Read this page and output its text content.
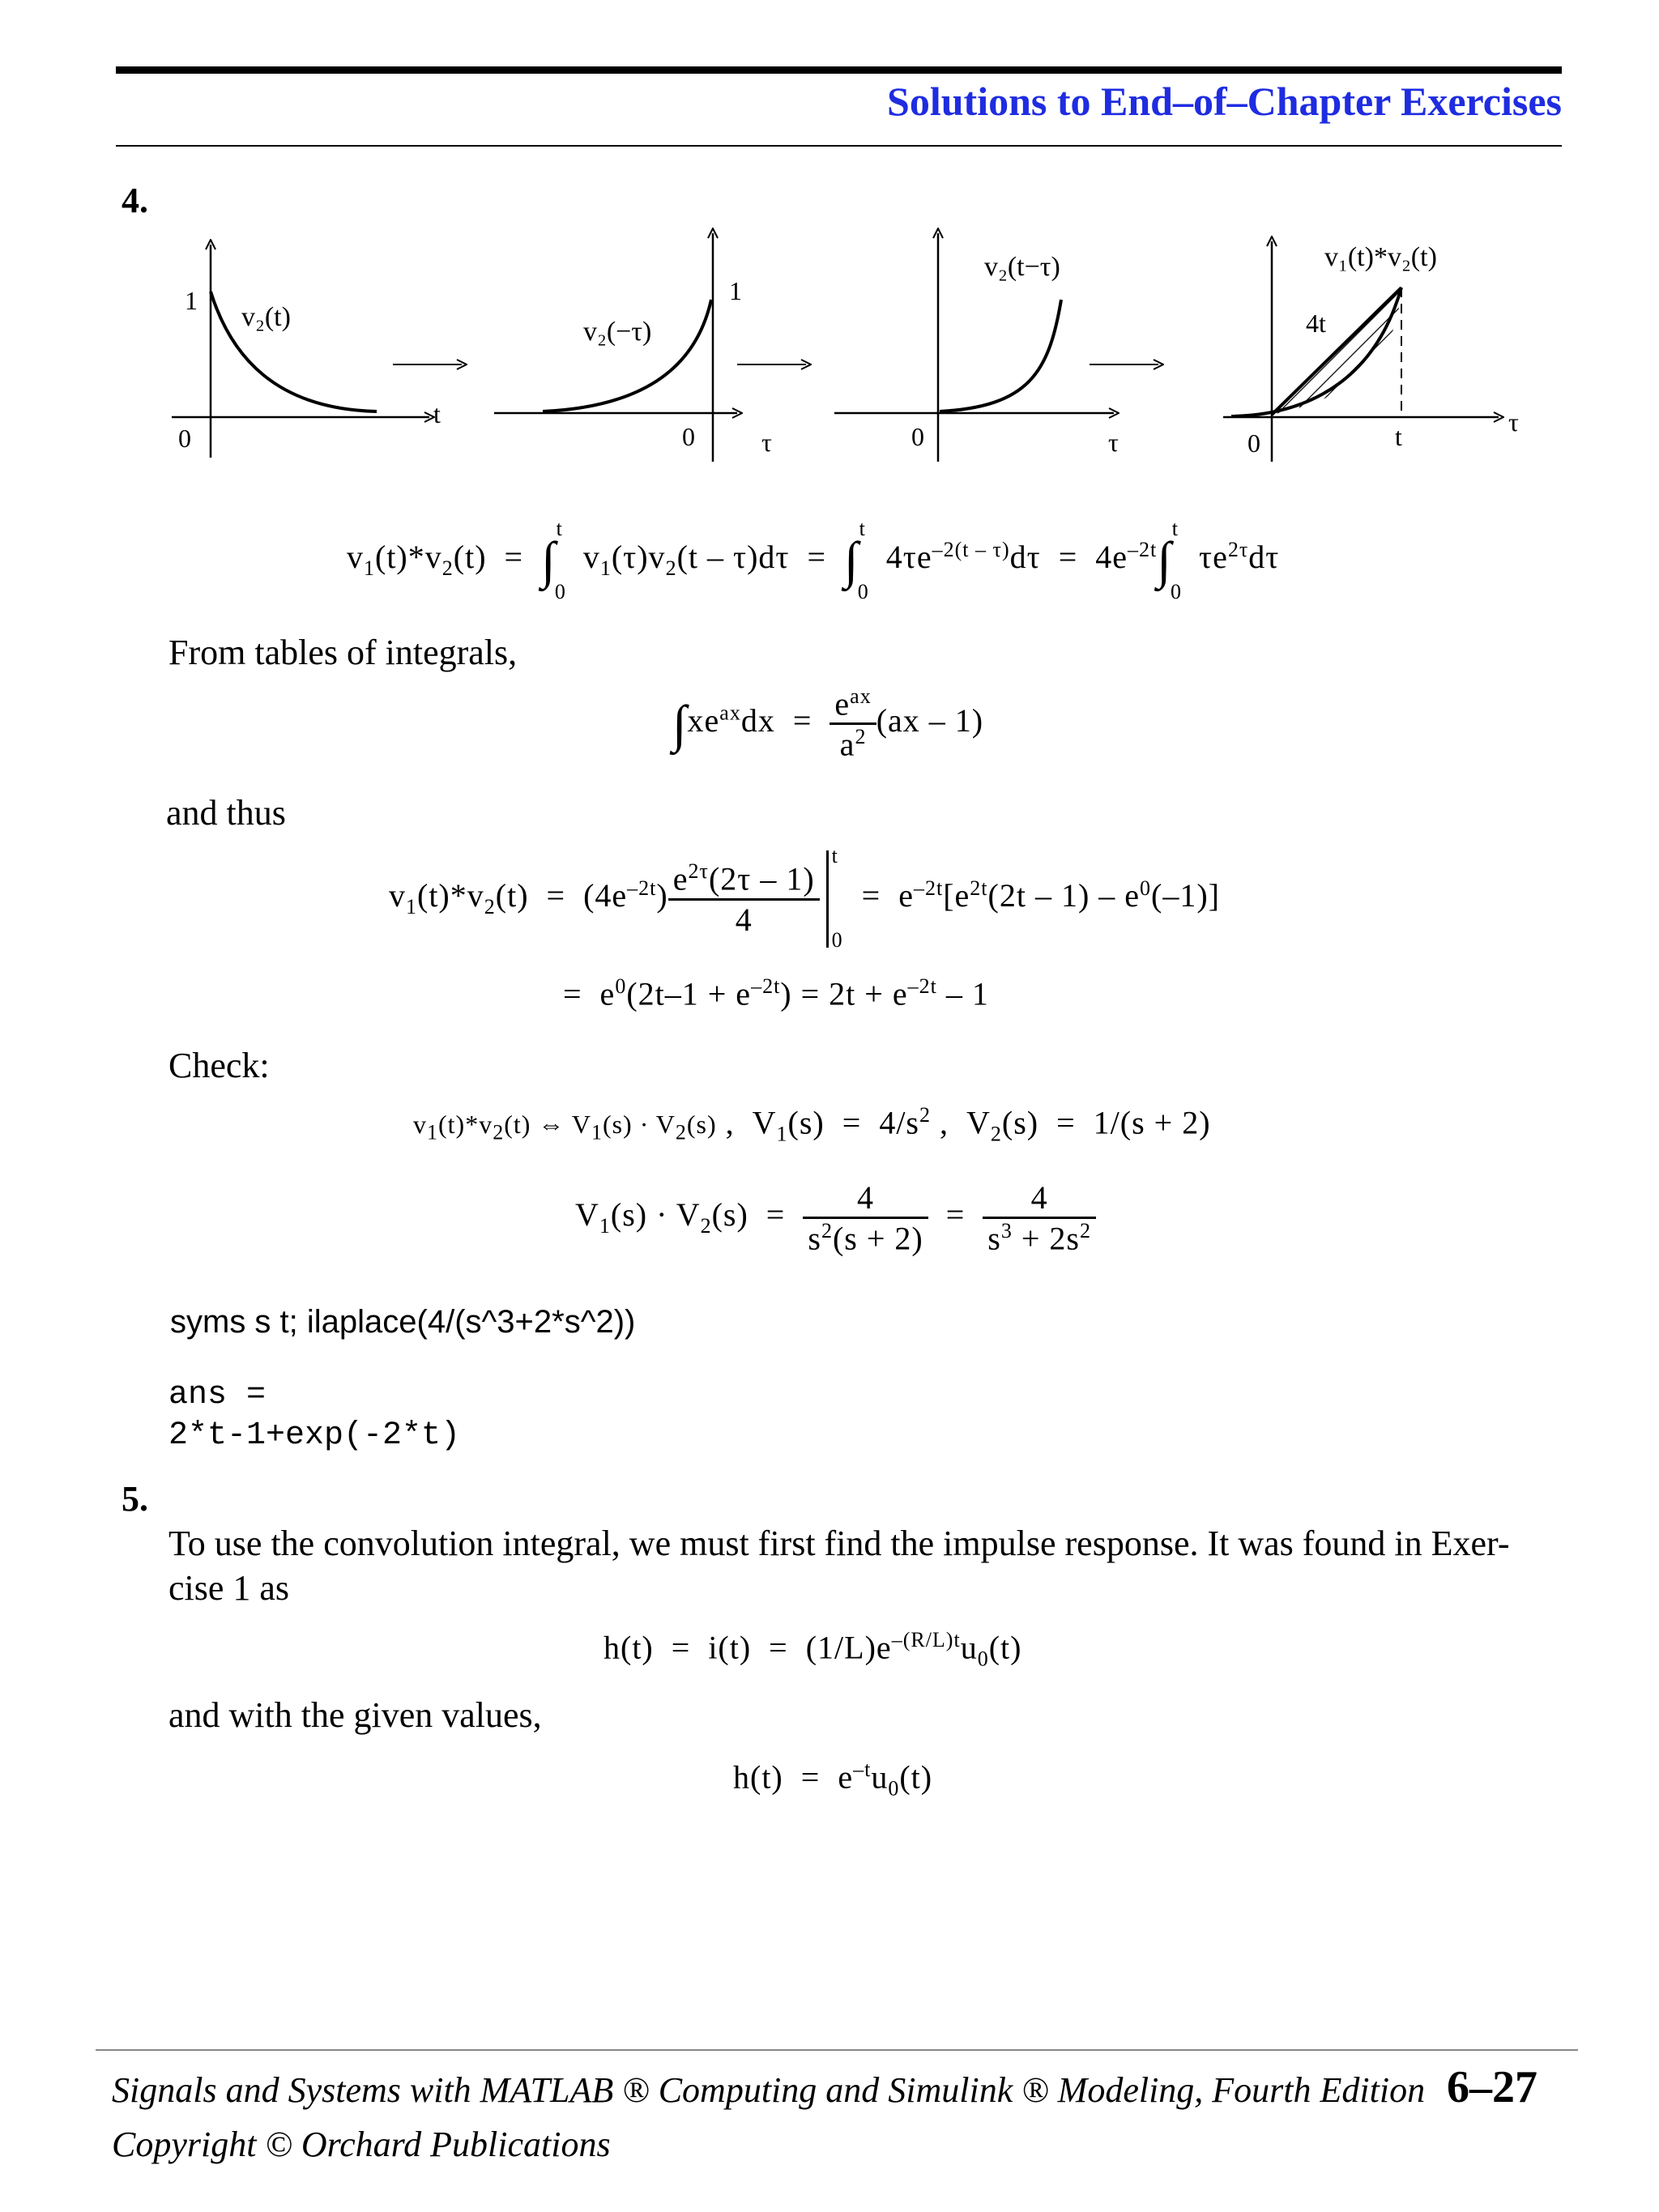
Solutions to End–of–Chapter Exercises
4.
1
v₂(t)
0
t
1
v₂(−τ)
0	τ
v₂(t−τ)
0	τ
v₁(t)*v₂(t)
4t
0	t	τ
$v_1(t)*v_2(t) = \int^t_0$ $v_1(\tau)v_2(t - \tau)d\tau = \int^t_0$ $4\tau e^{-2(t - \tau)}d\tau = 4e^{-2t}\int^t_0$ $\tau e^{2\tau}d\tau$
From tables of integrals,
$\int xe^{ax}dx = \frac{e^{ax}}{a^2} (ax - 1)$
and thus
$v_1(t)*v_2(t) = (4e^{-2t}) \frac{e^{2\tau}(2\tau - 1)}{4}$
t
0
=  $e^{-2t}[e^{2t}(2t - 1) - e^0(-1)]$
=  $e^0(2t-1 + e^{-2t}) = 2t + e^{-2t} - 1$
Check:
$v_1(t)*v_2(t)$ ⇔ $V_1(s) \cdot V_2(s)$ ,  $V_1(s) = 4/s^2$ ,  $V_2(s) = 1/(s + 2)$
$V_1(s) \cdot V_2(s) = \frac{4}{s^2(s + 2)} = \frac{4}{s^3 + 2s^2}$
syms s t; ilaplace(4/(s^3+2*s^2))
ans =
2*t-1+exp(-2*t)
5.
To use the convolution integral, we must first find the impulse response. It was found in Exer-
cise 1 as
$h(t) = i(t) = (1/L)e^{-(R/L)t}u_0(t)$
and with the given values,
$h(t) = e^{-t}u_0(t)$
Signals and Systems with MATLAB ® Computing and Simulink ® Modeling, Fourth Edition 6–27
Copyright © Orchard Publications
